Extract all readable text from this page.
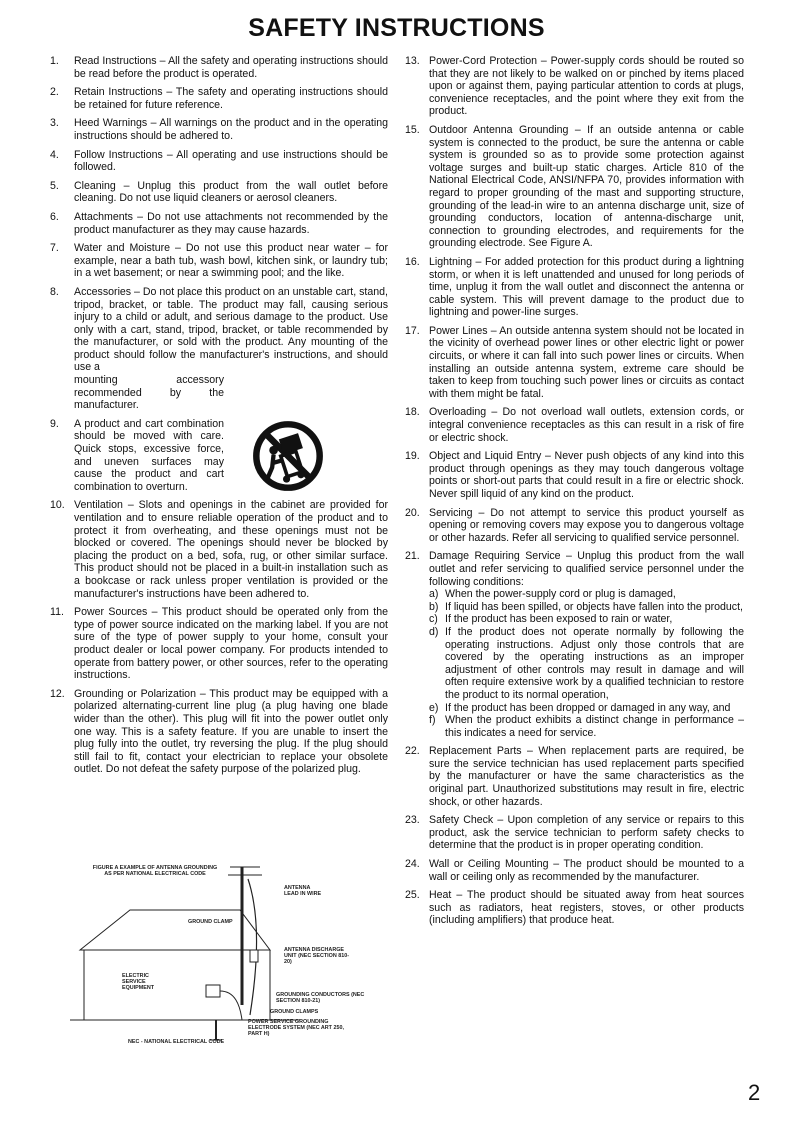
SAFETY INSTRUCTIONS
1. Read Instructions – All the safety and operating instructions should be read before the product is operated.

2. Retain Instructions – The safety and operating instructions should be retained for future reference.

3. Heed Warnings – All warnings on the product and in the operating instructions should be adhered to.

4. Follow Instructions – All operating and use instructions should be followed.

5. Cleaning – Unplug this product from the wall outlet before cleaning. Do not use liquid cleaners or aerosol cleaners.

6. Attachments – Do not use attachments not recommended by the product manufacturer as they may cause hazards.

7. Water and Moisture – Do not use this product near water – for example, near a bath tub, wash bowl, kitchen sink, or laundry tub; in a wet basement; or near a swimming pool; and the like.

8. Accessories – Do not place this product on an unstable cart, stand, tripod, bracket, or table. The product may fall, causing serious injury to a child or adult, and serious damage to the product. Use only with a cart, stand, tripod, bracket, or table recommended by the manufacturer, or sold with the product. Any mounting of the product should follow the manufacturer's instructions, and should use a

mounting accessory recommended by the manufacturer.

9. A product and cart combination should be moved with care. Quick stops, excessive force, and uneven surfaces may cause the product and cart combination to overturn.

10. Ventilation – Slots and openings in the cabinet are provided for ventilation and to ensure reliable operation of the product and to protect it from overheating, and these openings must not be blocked or covered. The openings should never be blocked by placing the product on a bed, sofa, rug, or other similar surface. This product should not be placed in a built-in installation such as a bookcase or rack unless proper ventilation is provided or the manufacturer's instructions have been adhered to.

11. Power Sources – This product should be operated only from the type of power source indicated on the marking label. If you are not sure of the type of power supply to your home, consult your product dealer or local power company. For products intended to operate from battery power, or other sources, refer to the operating instructions.

12. Grounding or Polarization – This product may be equipped with a polarized alternating-current line plug (a plug having one blade wider than the other). This plug will fit into the power outlet only one way. This is a safety feature. If you are unable to insert the plug fully into the outlet, try reversing the plug. If the plug should still fail to fit, contact your electrician to replace your obsolete outlet. Do not defeat the safety purpose of the polarized plug.

13. Power-Cord Protection – Power-supply cords should be routed so that they are not likely to be walked on or pinched by items placed upon or against them, paying particular attention to cords at plugs, convenience receptacles, and the point where they exit from the product.

15. Outdoor Antenna Grounding – If an outside antenna or cable system is connected to the product, be sure the antenna or cable system is grounded so as to provide some protection against voltage surges and built-up static charges. Article 810 of the National Electrical Code, ANSI/NFPA 70, provides information with regard to proper grounding of the mast and supporting structure, grounding of the lead-in wire to an antenna discharge unit, size of grounding conductors, location of antenna-discharge unit, connection to grounding electrodes, and requirements for the grounding electrode. See Figure A.

16. Lightning – For added protection for this product during a lightning storm, or when it is left unattended and unused for long periods of time, unplug it from the wall outlet and disconnect the antenna or cable system. This will prevent damage to the product due to lightning and power-line surges.

17. Power Lines – An outside antenna system should not be located in the vicinity of overhead power lines or other electric light or power circuits, or where it can fall into such power lines or circuits. When installing an outside antenna system, extreme care should be taken to keep from touching such power lines or circuits as contact with them might be fatal.

18. Overloading – Do not overload wall outlets, extension cords, or integral convenience receptacles as this can result in a risk of fire or electric shock.

19. Object and Liquid Entry – Never push objects of any kind into this product through openings as they may touch dangerous voltage points or short-out parts that could result in a fire or electric shock. Never spill liquid of any kind on the product.

20. Servicing – Do not attempt to service this product yourself as opening or removing covers may expose you to dangerous voltage or other hazards. Refer all servicing to qualified service personnel.

21. Damage Requiring Service – Unplug this product from the wall outlet and refer servicing to qualified service personnel under the following conditions:

a) When the power-supply cord or plug is damaged,
b) If liquid has been spilled, or objects have fallen into the product,
c) If the product has been exposed to rain or water,
d) If the product does not operate normally by following the operating instructions. Adjust only those controls that are covered by the operating instructions as an improper adjustment of other controls may result in damage and will often require extensive work by a qualified technician to restore the product to its normal operation,
e) If the product has been dropped or damaged in any way, and
f) When the product exhibits a distinct change in performance – this indicates a need for service.
22. Replacement Parts – When replacement parts are required, be sure the service technician has used replacement parts specified by the manufacturer or have the same characteristics as the original part. Unauthorized substitutions may result in fire, electric shock, or other hazards.

23. Safety Check – Upon completion of any service or repairs to this product, ask the service technician to perform safety checks to determine that the product is in proper operating condition.

24. Wall or Ceiling Mounting – The product should be mounted to a wall or ceiling only as recommended by the manufacturer.

25. Heat – The product should be situated away from heat sources such as radiators, heat registers, stoves, or other products (including amplifiers) that produce heat.

FIGURE A EXAMPLE OF ANTENNA GROUNDING AS PER NATIONAL ELECTRICAL CODE
ANTENNA LEAD IN WIRE
GROUND CLAMP
ANTENNA DISCHARGE UNIT (NEC SECTION 810-20)
ELECTRIC SERVICE EQUIPMENT
GROUNDING CONDUCTORS (NEC SECTION 810-21)
GROUND CLAMPS
POWER SERVICE GROUNDING ELECTRODE SYSTEM (NEC ART 250, PART H)
NEC - NATIONAL ELECTRICAL CODE
2
